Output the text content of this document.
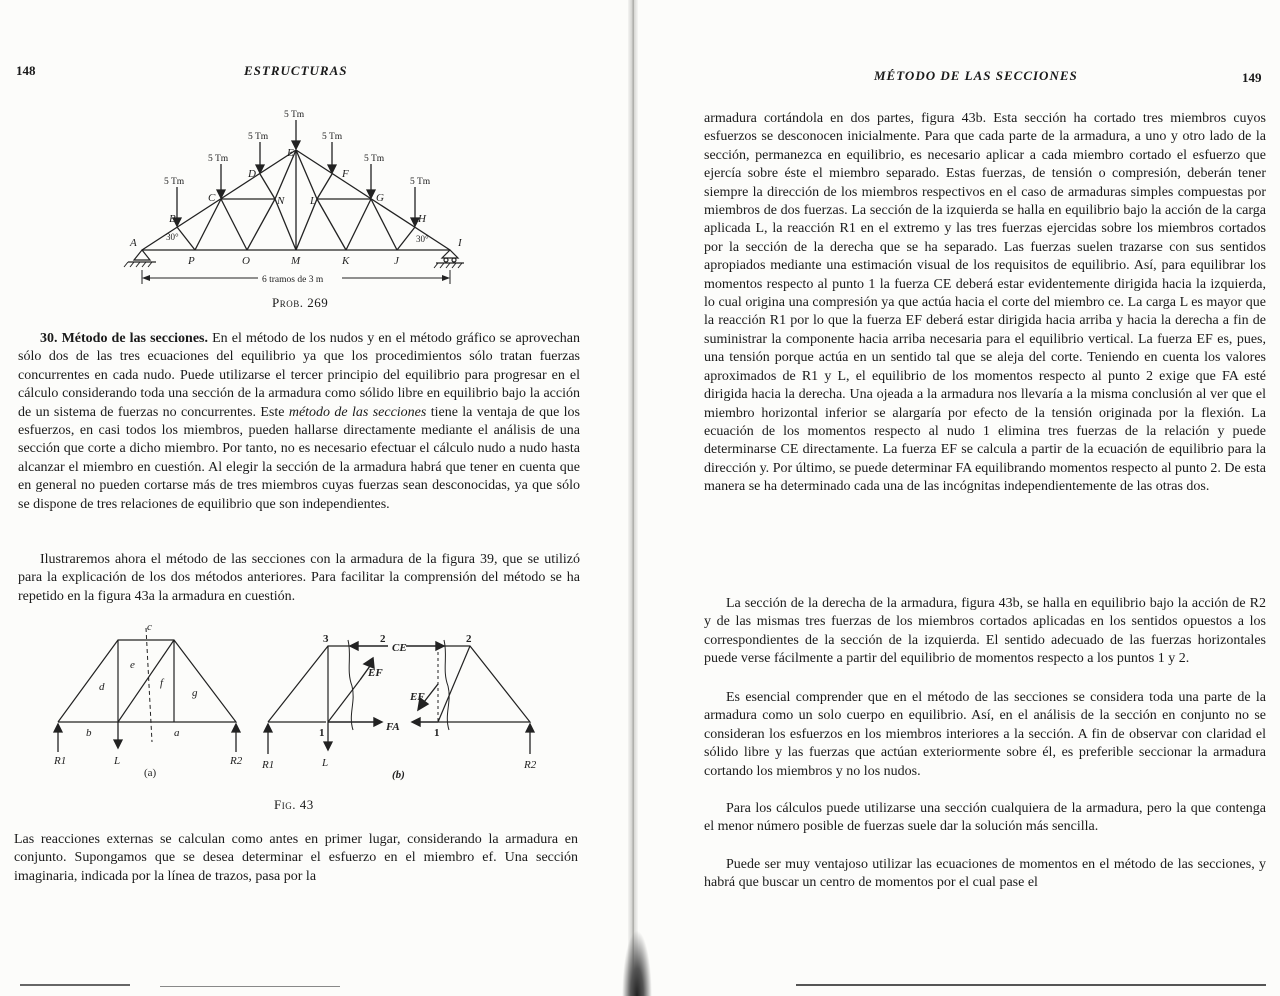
148	ESTRUCTURAS
5 Tm
5 Tm
5 Tm
5 Tm
5 Tm
5 Tm
5 Tm
A
B
C
D
E
F
G
H
I
P	O	M	K	J
N L
30°	30°
6 tramos de 3 m
Prob. 269

30. Método de las secciones. En el método de los nudos y en el método gráfico se aprovechan sólo dos de las tres ecuaciones del equilibrio ya que los procedimientos sólo tratan fuerzas concurrentes en cada nudo. Puede utilizarse el tercer principio del equilibrio para progresar en el cálculo considerando toda una sección de la armadura como sólido libre en equilibrio bajo la acción de un sistema de fuerzas no concurrentes. Este método de las secciones tiene la ventaja de que los esfuerzos, en casi todos los miembros, pueden hallarse directamente mediante el análisis de una sección que corte a dicho miembro. Por tanto, no es necesario efectuar el cálculo nudo a nudo hasta alcanzar el miembro en cuestión. Al elegir la sección de la armadura habrá que tener en cuenta que en general no pueden cortarse más de tres miembros cuyas fuerzas sean desconocidas, ya que sólo se dispone de tres relaciones de equilibrio que son independientes.

Ilustraremos ahora el método de las secciones con la armadura de la figura 39, que se utilizó para la explicación de los dos métodos anteriores. Para facilitar la comprensión del método se ha repetido en la figura 43a la armadura en cuestión.

c
d
e
f
g
b	a
R1	L	R2
(a)
3	2
CE
EF
FA
1
2
EF
1
R1	L	R2
(b)
Fig. 43

Las reacciones externas se calculan como antes en primer lugar, considerando la armadura en conjunto. Supongamos que se desea determinar el esfuerzo en el miembro ef. Una sección imaginaria, indicada por la línea de trazos, pasa por la

MÉTODO DE LAS SECCIONES	149

armadura cortándola en dos partes, figura 43b. Esta sección ha cortado tres miembros cuyos esfuerzos se desconocen inicialmente. Para que cada parte de la armadura, a uno y otro lado de la sección, permanezca en equilibrio, es necesario aplicar a cada miembro cortado el esfuerzo que ejercía sobre éste el miembro separado. Estas fuerzas, de tensión o compresión, deberán tener siempre la dirección de los miembros respectivos en el caso de armaduras simples compuestas por miembros de dos fuerzas. La sección de la izquierda se halla en equilibrio bajo la acción de la carga aplicada L, la reacción R1 en el extremo y las tres fuerzas ejercidas sobre los miembros cortados por la sección de la derecha que se ha separado. Las fuerzas suelen trazarse con sus sentidos apropiados mediante una estimación visual de los requisitos de equilibrio. Así, para equilibrar los momentos respecto al punto 1 la fuerza CE deberá estar evidentemente dirigida hacia la izquierda, lo cual origina una compresión ya que actúa hacia el corte del miembro ce. La carga L es mayor que la reacción R1 por lo que la fuerza EF deberá estar dirigida hacia arriba y hacia la derecha a fin de suministrar la componente hacia arriba necesaria para el equilibrio vertical. La fuerza EF es, pues, una tensión porque actúa en un sentido tal que se aleja del corte. Teniendo en cuenta los valores aproximados de R1 y L, el equilibrio de los momentos respecto al punto 2 exige que FA esté dirigida hacia la derecha. Una ojeada a la armadura nos llevaría a la misma conclusión al ver que el miembro horizontal inferior se alargaría por efecto de la tensión originada por la flexión. La ecuación de los momentos respecto al nudo 1 elimina tres fuerzas de la relación y puede determinarse CE directamente. La fuerza EF se calcula a partir de la ecuación de equilibrio para la dirección y. Por último, se puede determinar FA equilibrando momentos respecto al punto 2. De esta manera se ha determinado cada una de las incógnitas independientemente de las otras dos.

La sección de la derecha de la armadura, figura 43b, se halla en equilibrio bajo la acción de R2 y de las mismas tres fuerzas de los miembros cortados aplicadas en los sentidos opuestos a los correspondientes de la sección de la izquierda. El sentido adecuado de las fuerzas horizontales puede verse fácilmente a partir del equilibrio de momentos respecto a los puntos 1 y 2.

Es esencial comprender que en el método de las secciones se considera toda una parte de la armadura como un solo cuerpo en equilibrio. Así, en el análisis de la sección en conjunto no se consideran los esfuerzos en los miembros interiores a la sección. A fin de observar con claridad el sólido libre y las fuerzas que actúan exteriormente sobre él, es preferible seccionar la armadura cortando los miembros y no los nudos.

Para los cálculos puede utilizarse una sección cualquiera de la armadura, pero la que contenga el menor número posible de fuerzas suele dar la solución más sencilla.

Puede ser muy ventajoso utilizar las ecuaciones de momentos en el método de las secciones, y habrá que buscar un centro de momentos por el cual pase el
